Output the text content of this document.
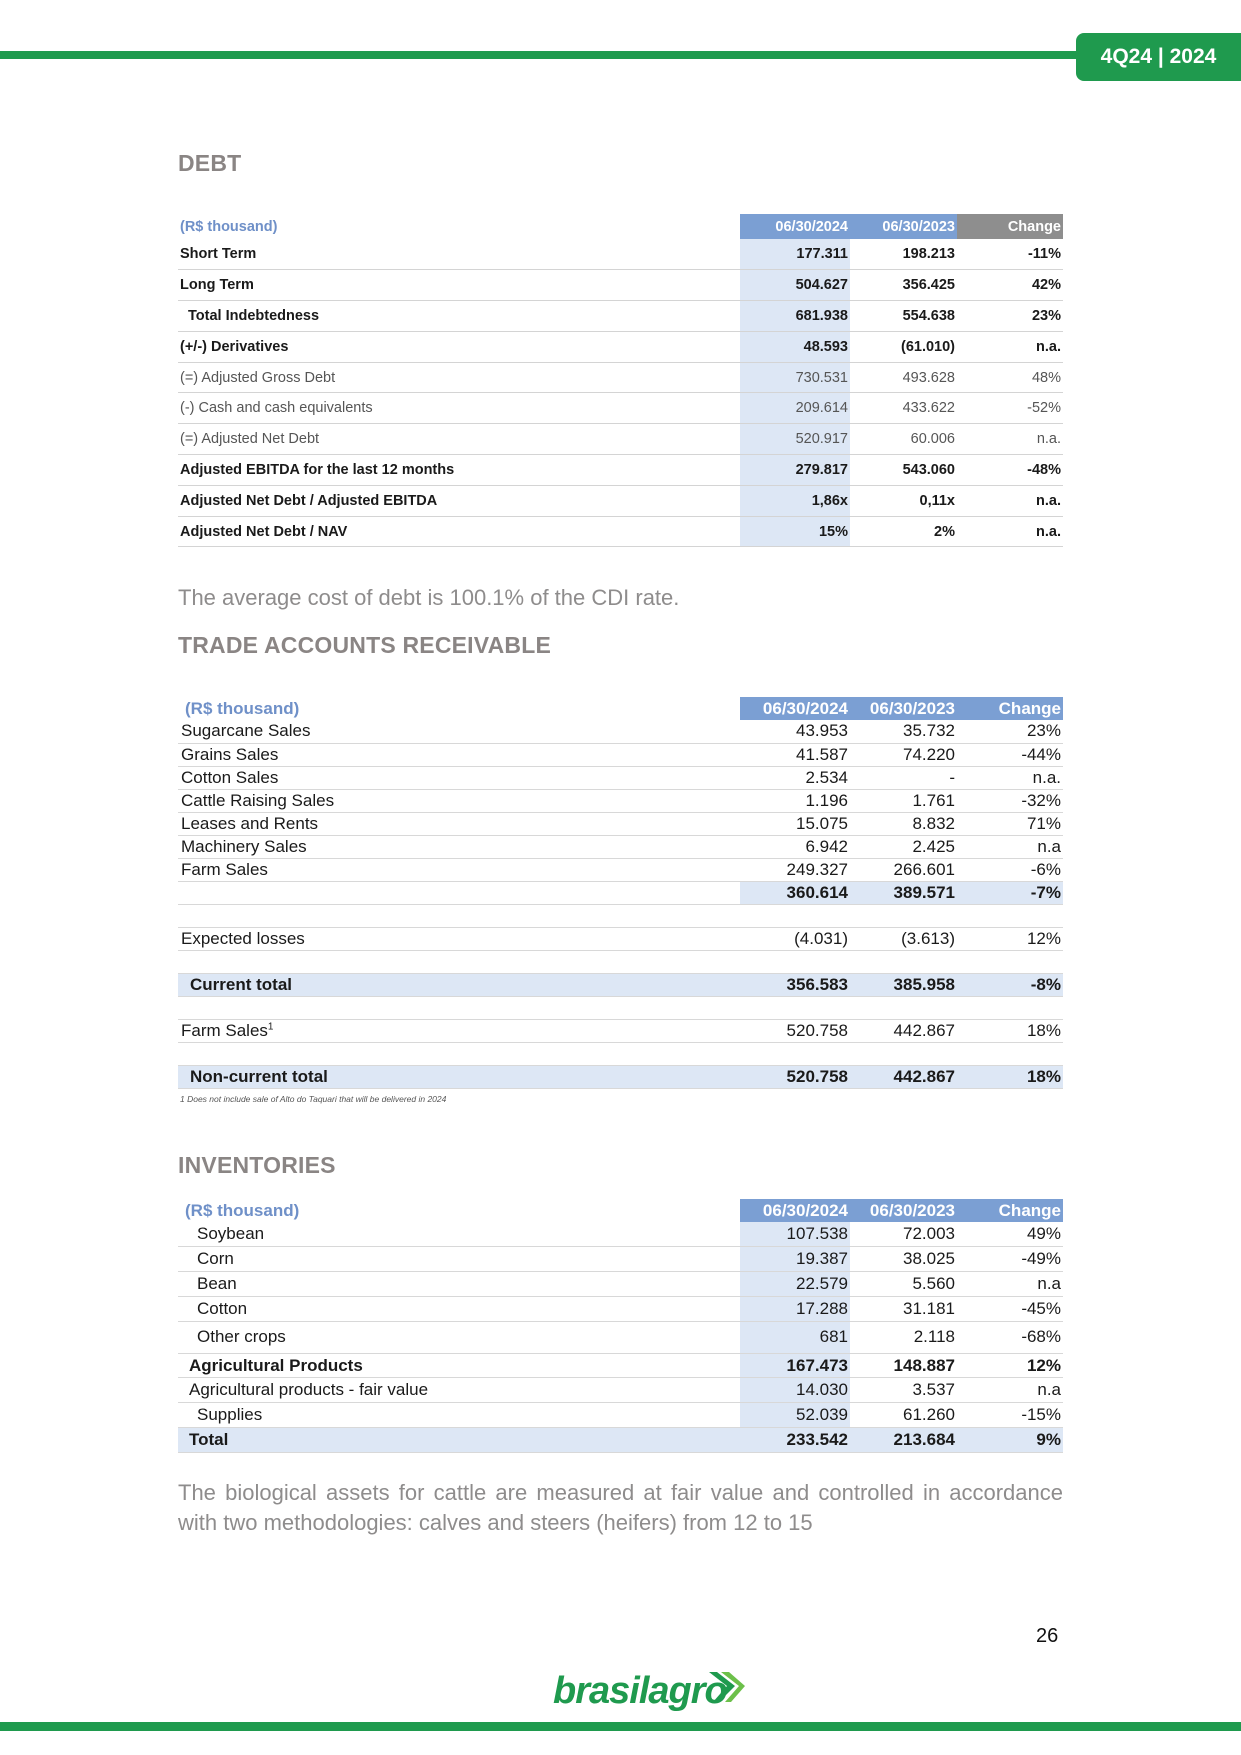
4Q24 | 2024
DEBT
(R$ thousand)	06/30/2024	06/30/2023	Change
Short Term	177.311	198.213	-11%
Long Term	504.627	356.425	42%
Total Indebtedness	681.938	554.638	23%
(+/-) Derivatives	48.593	(61.010)	n.a.
(=) Adjusted Gross Debt	730.531	493.628	48%
(-) Cash and cash equivalents	209.614	433.622	-52%
(=) Adjusted Net Debt	520.917	60.006	n.a.
Adjusted EBITDA for the last 12 months	279.817	543.060	-48%
Adjusted Net Debt / Adjusted EBITDA	1,86x	0,11x	n.a.
Adjusted Net Debt / NAV	15%	2%	n.a.
The average cost of debt is 100.1% of the CDI rate.
TRADE ACCOUNTS RECEIVABLE
(R$ thousand)	06/30/2024	06/30/2023	Change
Sugarcane Sales	43.953	35.732	23%
Grains Sales	41.587	74.220	-44%
Cotton Sales	2.534	-	n.a.
Cattle Raising Sales	1.196	1.761	-32%
Leases and Rents	15.075	8.832	71%
Machinery Sales	6.942	2.425	n.a
Farm Sales	249.327	266.601	-6%
	360.614	389.571	-7%

Expected losses	(4.031)	(3.613)	12%

Current total	356.583	385.958	-8%

Farm Sales$^1$	520.758	442.867	18%

Non-current total	520.758	442.867	18%
1 Does not include sale of Alto do Taquari that will be delivered in 2024
INVENTORIES
(R$ thousand)	06/30/2024	06/30/2023	Change
Soybean	107.538	72.003	49%
Corn	19.387	38.025	-49%
Bean	22.579	5.560	n.a
Cotton	17.288	31.181	-45%
Other crops	681	2.118	-68%
Agricultural Products	167.473	148.887	12%
Agricultural products - fair value	14.030	3.537	n.a
Supplies	52.039	61.260	-15%
Total	233.542	213.684	9%
The biological assets for cattle are measured at fair value and controlled in accordance with two methodologies: calves and steers (heifers) from 12 to 15
26
brasilagro
